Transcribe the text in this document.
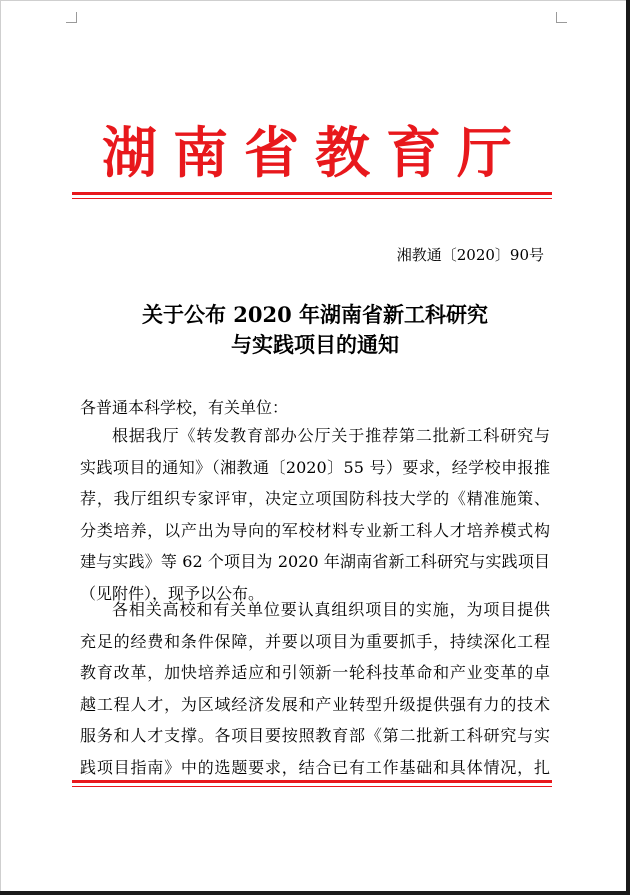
湖南省教育厅
湘教通〔2020〕90号
关于公布 2020 年湖南省新工科研究
与实践项目的通知
各普通本科学校，有关单位：
根据我厅《转发教育部办公厅关于推荐第二批新工科研究与
实践项目的通知》（湘教通〔2020〕55 号）要求，经学校申报推
荐，我厅组织专家评审，决定立项国防科技大学的《精准施策、
分类培养，以产出为导向的军校材料专业新工科人才培养模式构
建与实践》等 62 个项目为 2020 年湖南省新工科研究与实践项目
（见附件），现予以公布。
各相关高校和有关单位要认真组织项目的实施，为项目提供
充足的经费和条件保障，并要以项目为重要抓手，持续深化工程
教育改革，加快培养适应和引领新一轮科技革命和产业变革的卓
越工程人才，为区域经济发展和产业转型升级提供强有力的技术
服务和人才支撑。各项目要按照教育部《第二批新工科研究与实
践项目指南》中的选题要求，结合已有工作基础和具体情况，扎
